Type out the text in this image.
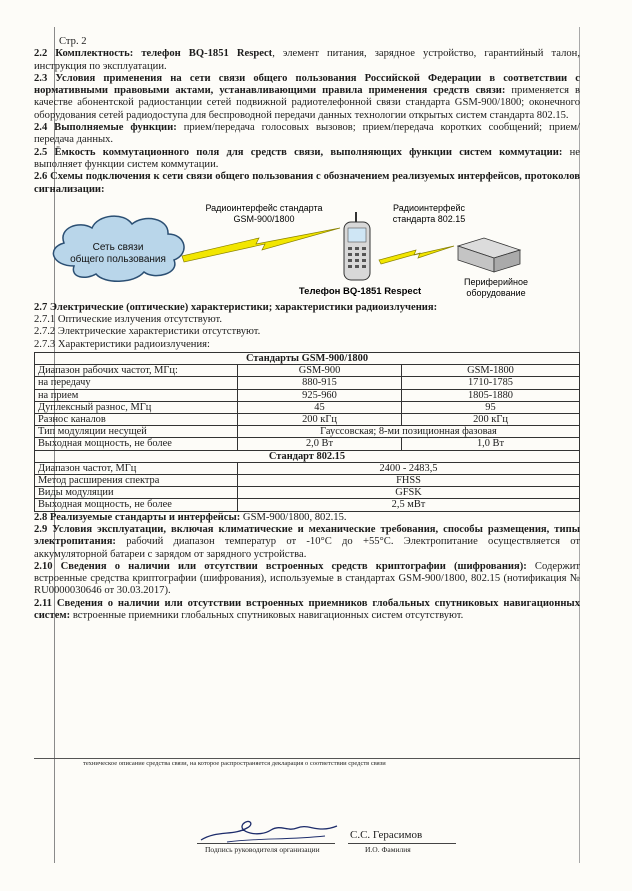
Стр. 2

2.2 Комплектность: телефон BQ-1851 Respect, элемент питания, зарядное устройство, гарантийный талон, инструкция по эксплуатации.

2.3 Условия применения на сети связи общего пользования Российской Федерации в соответствии с нормативными правовыми актами, устанавливающими правила применения средств связи: применяется в качестве абонентской радиостанции сетей подвижной радиотелефонной связи стандарта GSM-900/1800; оконечного оборудования сетей радиодоступа для беспроводной передачи данных технологии открытых систем стандарта 802.15.

2.4 Выполняемые функции: прием/передача голосовых вызовов; прием/передача коротких сообщений; прием/передача данных.

2.5 Ёмкость коммутационного поля для средств связи, выполняющих функции систем коммутации: не выполняет функции систем коммутации.

2.6 Схемы подключения к сети связи общего пользования с обозначением реализуемых интерфейсов, протоколов сигнализации:

Сеть связи
общего пользования
Радиоинтерфейс стандарта
GSM-900/1800
Радиоинтерфейс
стандарта 802.15
Телефон BQ-1851 Respect
Периферийное
оборудование

2.7 Электрические (оптические) характеристики; характеристики радиоизлучения:

2.7.1 Оптические излучения отсутствуют.

2.7.2 Электрические характеристики отсутствуют.

2.7.3 Характеристики радиоизлучения:

Стандарты GSM-900/1800		
Диапазон рабочих частот, МГц:	GSM-900	GSM-1800
на передачу	880-915	1710-1785
на прием	925-960	1805-1880
Дуплексный разнос, МГц	45	95
Разнос каналов	200 кГц	200 кГц
Тип модуляции несущей	Гауссовская; 8-ми позиционная фазовая	
Выходная мощность, не более	2,0 Вт	1,0 Вт
Стандарт 802.15		
Диапазон частот, МГц	2400 - 2483,5	
Метод расширения спектра	FHSS	
Виды модуляции	GFSK	
Выходная мощность, не более	2,5 мВт	

2.8 Реализуемые стандарты и интерфейсы: GSM-900/1800, 802.15.

2.9 Условия эксплуатации, включая климатические и механические требования, способы размещения, типы электропитания: рабочий диапазон температур от -10°С до +55°С. Электропитание осуществляется от аккумуляторной батареи с зарядом от зарядного устройства.

2.10 Сведения о наличии или отсутствии встроенных средств криптографии (шифрования): Содержит встроенные средства криптографии (шифрования), используемые в стандартах GSM-900/1800, 802.15 (нотификация № RU0000030646 от 30.03.2017).

2.11 Сведения о наличии или отсутствии встроенных приемников глобальных спутниковых навигационных систем: встроенные приемники глобальных спутниковых навигационных систем отсутствуют.

техническое описание средства связи, на которое распространяется декларация о соответствии средств связи
Подпись руководителя организации
С.С. Герасимов
И.О. Фамилия
